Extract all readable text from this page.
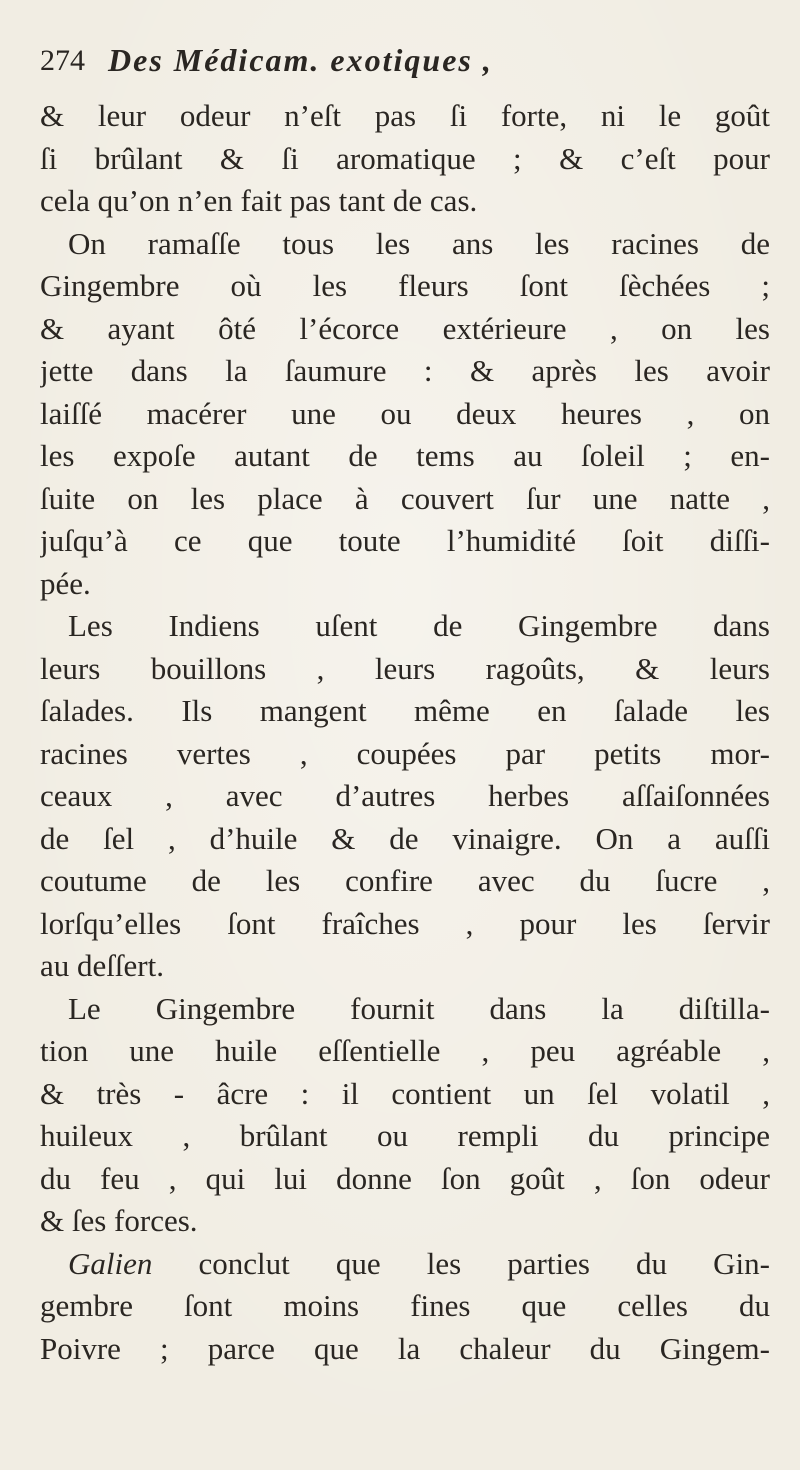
274 Des Médicam. exotiques ,
& leur odeur n’eſt pas ſi forte, ni le goût
ſi brûlant & ſi aromatique ; & c’eſt pour
cela qu’on n’en fait pas tant de cas.
On ramaſſe tous les ans les racines de
Gingembre où les fleurs ſont ſèchées ;
& ayant ôté l’écorce extérieure , on les
jette dans la ſaumure : & après les avoir
laiſſé macérer une ou deux heures , on
les expoſe autant de tems au ſoleil ; en-
ſuite on les place à couvert ſur une natte ,
juſqu’à ce que toute l’humidité ſoit diſſi-
pée.
Les Indiens uſent de Gingembre dans
leurs bouillons , leurs ragoûts, & leurs
ſalades. Ils mangent même en ſalade les
racines vertes , coupées par petits mor-
ceaux , avec d’autres herbes aſſaiſonnées
de ſel , d’huile & de vinaigre. On a auſſi
coutume de les confire avec du ſucre ,
lorſqu’elles ſont fraîches , pour les ſervir
au deſſert.
Le Gingembre fournit dans la diſtilla-
tion une huile eſſentielle , peu agréable ,
& très - âcre : il contient un ſel volatil ,
huileux , brûlant ou rempli du principe
du feu , qui lui donne ſon goût , ſon odeur
& ſes forces.
Galien conclut que les parties du Gin-
gembre ſont moins fines que celles du
Poivre ; parce que la chaleur du Gingem-
